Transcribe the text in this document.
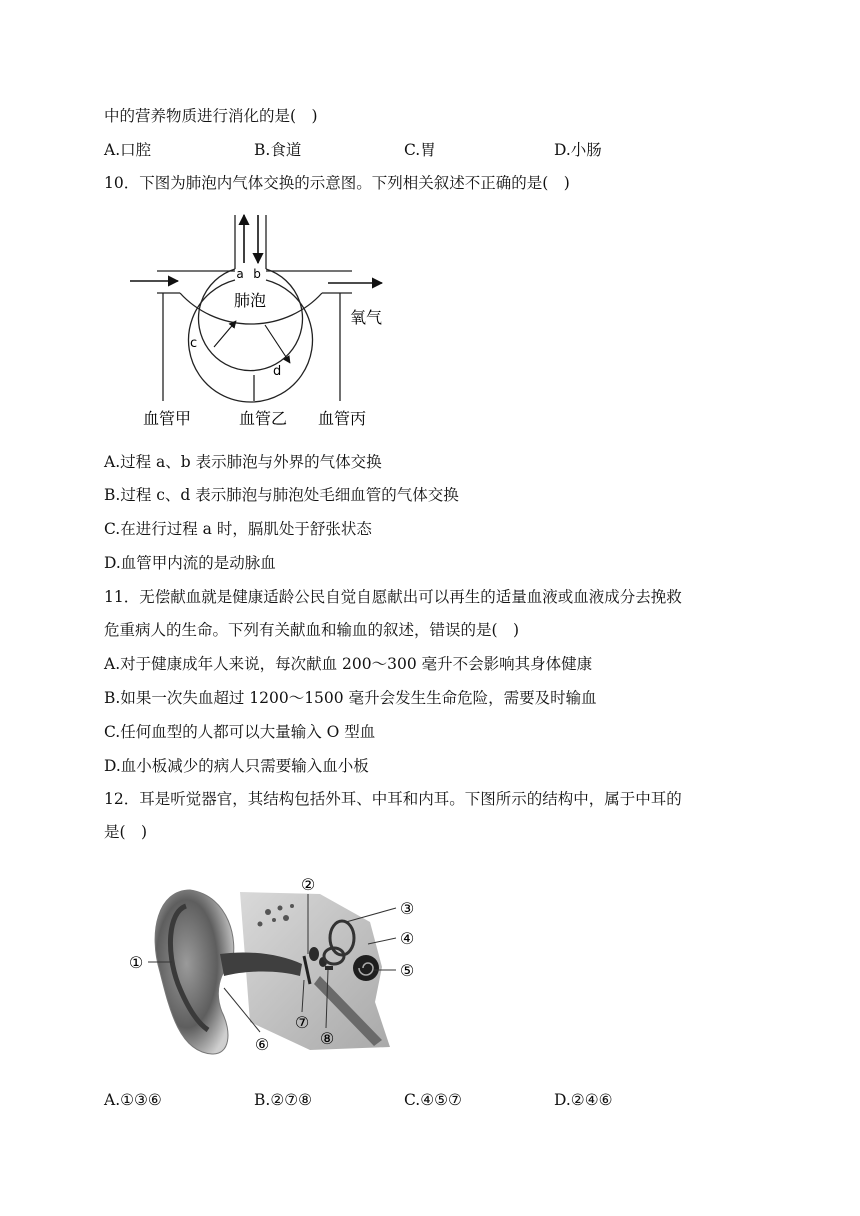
中的营养物质进行消化的是( )
A.口腔	B.食道	C.胃	D.小肠
10．下图为肺泡内气体交换的示意图。下列相关叙述不正确的是( )
a b
肺泡
氧气
c
d
血管甲	血管乙 血管丙
A.过程 a、b 表示肺泡与外界的气体交换
B.过程 c、d 表示肺泡与肺泡处毛细血管的气体交换
C.在进行过程 a 时，膈肌处于舒张状态
D.血管甲内流的是动脉血
11．无偿献血就是健康适龄公民自觉自愿献出可以再生的适量血液或血液成分去挽救
危重病人的生命。下列有关献血和输血的叙述，错误的是( )
A.对于健康成年人来说，每次献血 200～300 毫升不会影响其身体健康
B.如果一次失血超过 1200～1500 毫升会发生生命危险，需要及时输血
C.任何血型的人都可以大量输入 O 型血
D.血小板减少的病人只需要输入血小板
12．耳是听觉器官，其结构包括外耳、中耳和内耳。下图所示的结构中，属于中耳的
是( )
①
②
③
④
⑤
⑥
⑦
⑧
A.①③⑥	B.②⑦⑧	C.④⑤⑦	D.②④⑥
